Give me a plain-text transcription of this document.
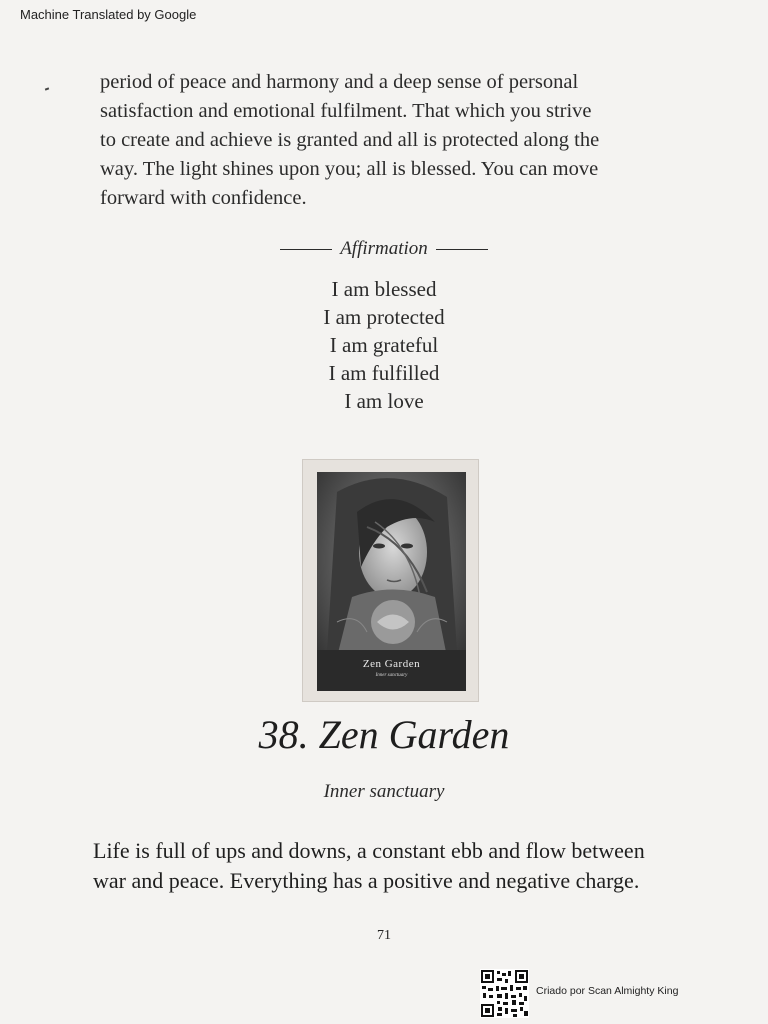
Machine Translated by Google
period of peace and harmony and a deep sense of personal
satisfaction and emotional fulfilment. That which you strive
to create and achieve is granted and all is protected along the
way. The light shines upon you; all is blessed. You can move
forward with confidence.
Affirmation
I am blessed
I am protected
I am grateful
I am fulfilled
I am love
Zen Garden
Inner sanctuary
38. Zen Garden
Inner sanctuary
Life is full of ups and downs, a constant ebb and flow between
war and peace. Everything has a positive and negative charge.
71
Criado por Scan Almighty King
